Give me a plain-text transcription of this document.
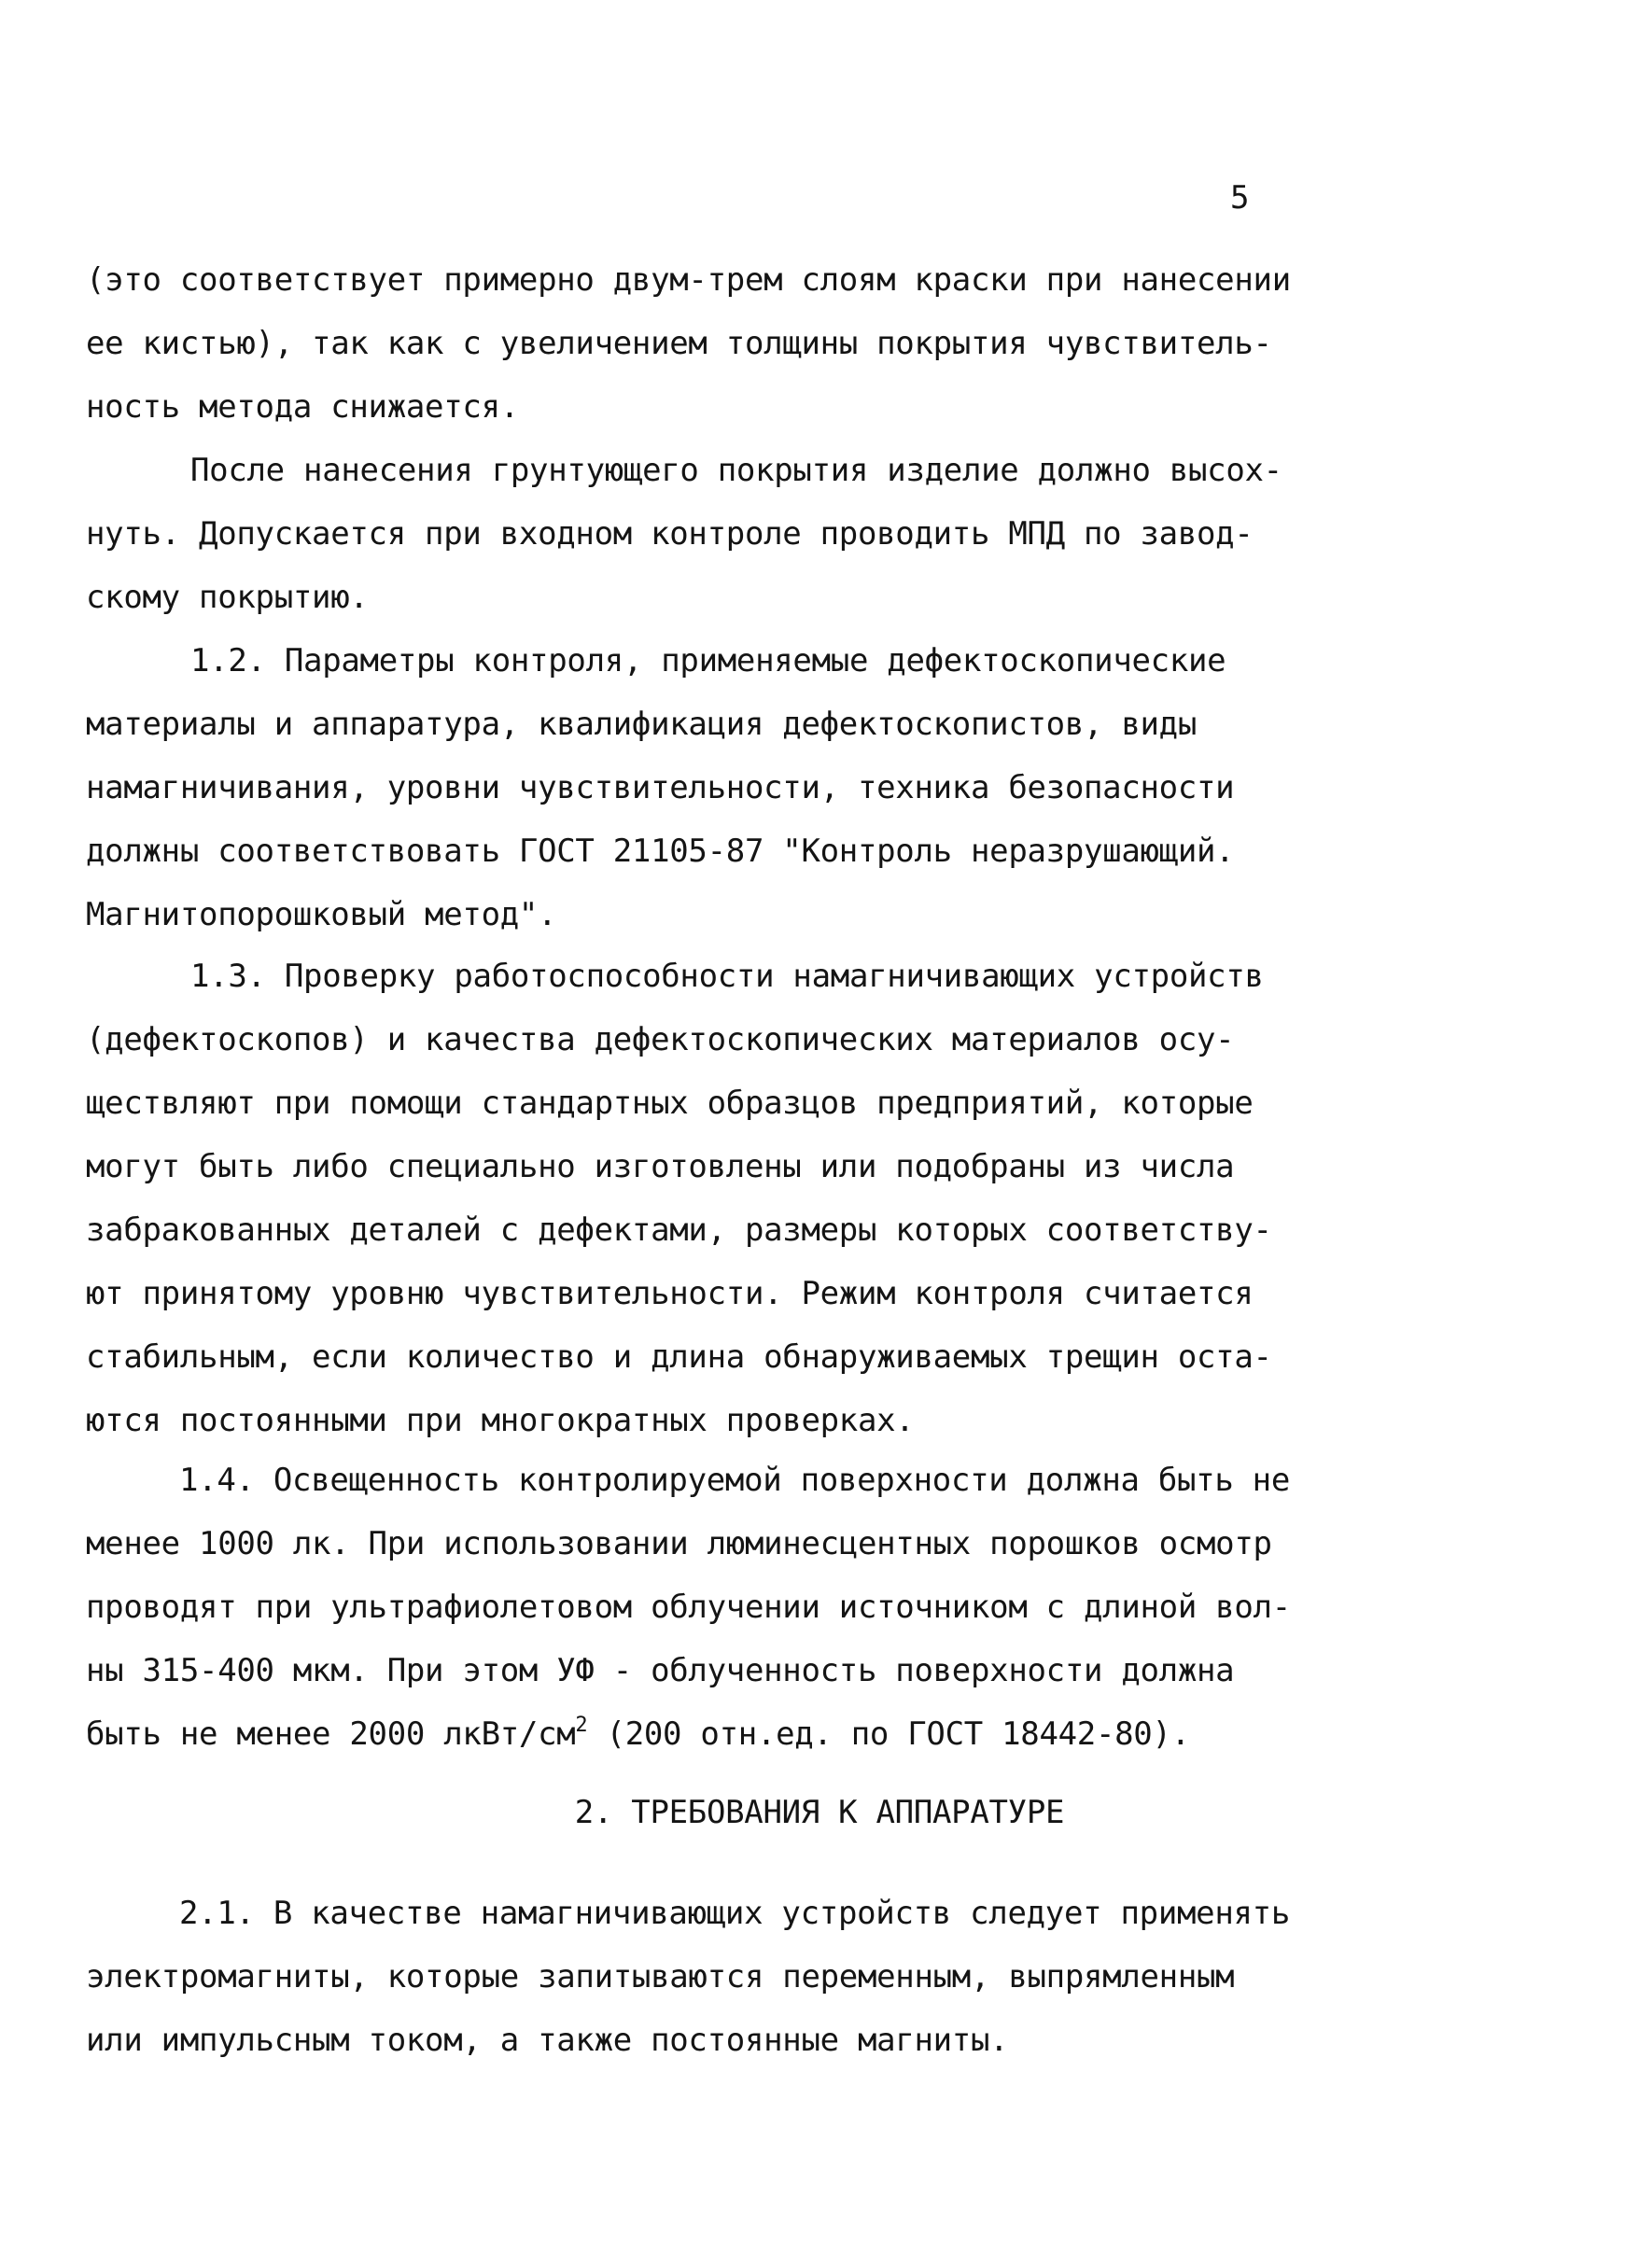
5
(это соответствует примерно двум-трем слоям краски при нанесении
ее кистью), так как с увеличением толщины покрытия чувствитель-
ность метода снижается.
После нанесения грунтующего покрытия изделие должно высох-
нуть. Допускается при входном контроле проводить МПД по завод-
скому покрытию.
1.2. Параметры контроля, применяемые дефектоскопические
материалы и аппаратура, квалификация дефектоскопистов, виды
намагничивания, уровни чувствительности, техника безопасности
должны соответствовать ГОСТ 21105-87 "Контроль неразрушающий.
Магнитопорошковый метод".
1.3. Проверку работоспособности намагничивающих устройств
(дефектоскопов) и качества дефектоскопических материалов осу-
ществляют при помощи стандартных образцов предприятий, которые
могут быть либо специально изготовлены или подобраны из числа
забракованных деталей с дефектами, размеры которых соответству-
ют принятому уровню чувствительности. Режим контроля считается
стабильным, если количество и длина обнаруживаемых трещин оста-
ются постоянными при многократных проверках.
1.4. Освещенность контролируемой поверхности должна быть не
менее 1000 лк. При использовании люминесцентных порошков осмотр
проводят при ультрафиолетовом облучении источником с длиной вол-
ны 315-400 мкм. При этом УФ - облученность поверхности должна
быть не менее 2000 лкВт/$см^2$ (200 отн.ед. по ГОСТ 18442-80).
2. ТРЕБОВАНИЯ К АППАРАТУРЕ
2.1. В качестве намагничивающих устройств следует применять
электромагниты, которые запитываются переменным, выпрямленным
или импульсным током, а также постоянные магниты.
